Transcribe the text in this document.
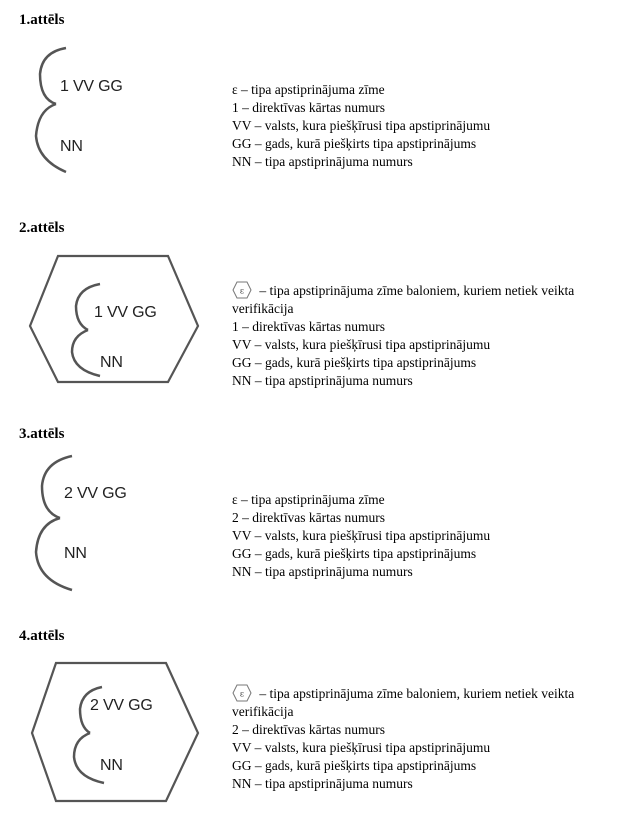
1.attēls
1 VV GG
NN
ε – tipa apstiprinājuma zīme
1 – direktīvas kārtas numurs
VV – valsts, kura piešķīrusi tipa apstiprinājumu
GG – gads, kurā piešķirts tipa apstiprinājums
NN – tipa apstiprinājuma numurs
2.attēls
1 VV GG
NN
ε – tipa apstiprinājuma zīme baloniem, kuriem netiek veikta verifikācija
1 – direktīvas kārtas numurs
VV – valsts, kura piešķīrusi tipa apstiprinājumu
GG – gads, kurā piešķirts tipa apstiprinājums
NN – tipa apstiprinājuma numurs
3.attēls
2 VV GG
NN
ε – tipa apstiprinājuma zīme
2 – direktīvas kārtas numurs
VV – valsts, kura piešķīrusi tipa apstiprinājumu
GG – gads, kurā piešķirts tipa apstiprinājums
NN – tipa apstiprinājuma numurs
4.attēls
2 VV GG
NN
ε – tipa apstiprinājuma zīme baloniem, kuriem netiek veikta verifikācija
2 – direktīvas kārtas numurs
VV – valsts, kura piešķīrusi tipa apstiprinājumu
GG – gads, kurā piešķirts tipa apstiprinājums
NN – tipa apstiprinājuma numurs
